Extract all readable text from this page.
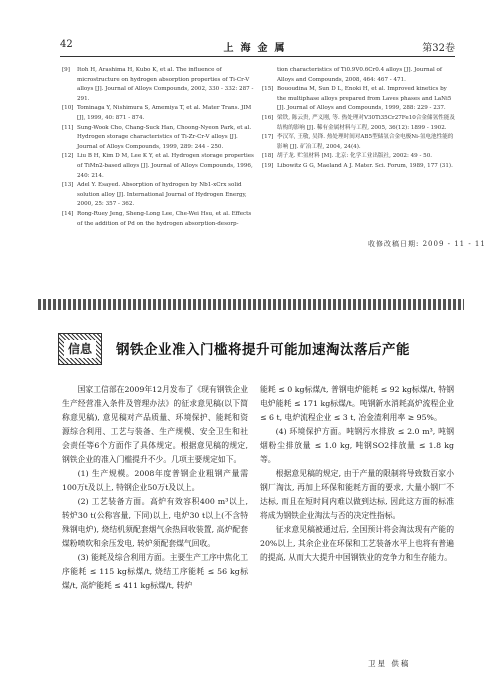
42	上海金属	第32卷

[9] Itoh H, Arashima H, Kubo K, et al. The influence of microstructure on hydrogen absorption properties of Ti-Cr-V alloys [J]. Journal of Alloys Compounds, 2002, 330 - 332: 287 - 291.

[10] Tominaga Y, Nishimura S, Amemiya T, et al. Mater Trans. JIM [J], 1999, 40: 871 - 874.

[11] Sung-Wook Cho, Chang-Suck Han, Choong-Nyeon Park, et al. Hydrogen storage characteristics of Ti-Zr-Cr-V alloys [J]. Journal of Alloys Compounds, 1999, 289: 244 - 250.

[12] Liu B H, Kim D M, Lee K Y, et al. Hydrogen storage properties of TiMn2-based alloys [J]. Journal of Alloys Compounds, 1996, 240: 214.

[13] Adel Y. Esayed. Absorption of hydrogen by Nb1-xCrx solid solution alloy [J]. International Journal of Hydrogen Energy, 2000, 25: 357 - 362.

[14] Rong-Ruey Jeng, Sheng-Long Lee, Che-Wei Hsu, et al. Effects of the addition of Pd on the hydrogen absorption-desorp-

tion characteristics of Ti0.9V0.6Cr0.4 alloys [J]. Journal of Alloys and Compounds, 2008, 464: 467 - 471.

[15] Bououdina M, Sun D L, Enoki H, et al. Improved kinetics by the multiphase alloys prepared from Laves phases and LaNi5 [J]. Journal of Alloys and Compounds, 1999, 288: 229 - 237.

[16] 梁铁, 陈云贵, 严义刚, 等. 热处理对V30Ti35Cr27Fe10合金储氢性能及结构的影响 [J]. 稀有金属材料与工程, 2005, 36(12): 1899 - 1902.

[17] 李汉军, 王敬, 吴锋. 热处理时间对AB5型储氢合金电极Ni-氢电池性能的影响 [J]. 矿冶工程, 2004, 24(4).

[18] 胡子龙. 贮氢材料 [M]. 北京: 化学工业出版社, 2002: 49 - 50.

[19] Libowitz G G, Maeland A J. Mater. Sci. Forum, 1989, 177 (31).

收修改稿日期: 2009 - 11 - 11
信息 钢铁企业准入门槛将提升可能加速淘汰落后产能

国家工信部在2009年12月发布了《现有钢铁企业生产经营准入条件及管理办法》的征求意见稿(以下简称意见稿), 意见稿对产品质量、环境保护、能耗和资源综合利用、工艺与装备、生产规模、安全卫生和社会责任等6个方面作了具体规定。根据意见稿的规定, 钢铁企业的准入门槛提升不少。几项主要规定如下。

(1) 生产规模。2008年度普钢企业粗钢产量需100万t及以上, 特钢企业50万t及以上。

(2) 工艺装备方面。高炉有效容积400 m³以上, 转炉30 t(公称容量, 下同)以上, 电炉30 t以上(不含特殊钢电炉), 烧结机须配套烟气余热回收装置, 高炉配套煤粉喷吹和余压发电, 转炉须配套煤气回收。

(3) 能耗及综合利用方面。主要生产工序中焦化工序能耗 ≤ 115 kg标煤/t, 烧结工序能耗 ≤ 56 kg标煤/t, 高炉能耗 ≤ 411 kg标煤/t, 转炉

能耗 ≤ 0 kg标煤/t, 普钢电炉能耗 ≤ 92 kg标煤/t, 特钢电炉能耗 ≤ 171 kg标煤/t。吨钢新水消耗高炉流程企业 ≤ 6 t, 电炉流程企业 ≤ 3 t, 冶金渣利用率 ≥ 95%。

(4) 环境保护方面。吨钢污水排放 ≤ 2.0 m³, 吨钢烟粉尘排放量 ≤ 1.0 kg, 吨钢SO2排放量 ≤ 1.8 kg等。

根据意见稿的规定, 由于产量的限制将导致数百家小钢厂淘汰, 再加上环保和能耗方面的要求, 大量小钢厂不达标, 而且在短时间内难以做到达标, 因此这方面的标准将成为钢铁企业淘汰与否的决定性指标。

征求意见稿被通过后, 全国预计将会淘汰现有产能的20%以上, 其余企业在环保和工艺装备水平上也将有普遍的提高, 从而大大提升中国钢铁业的竞争力和生存能力。

卫星 供稿
